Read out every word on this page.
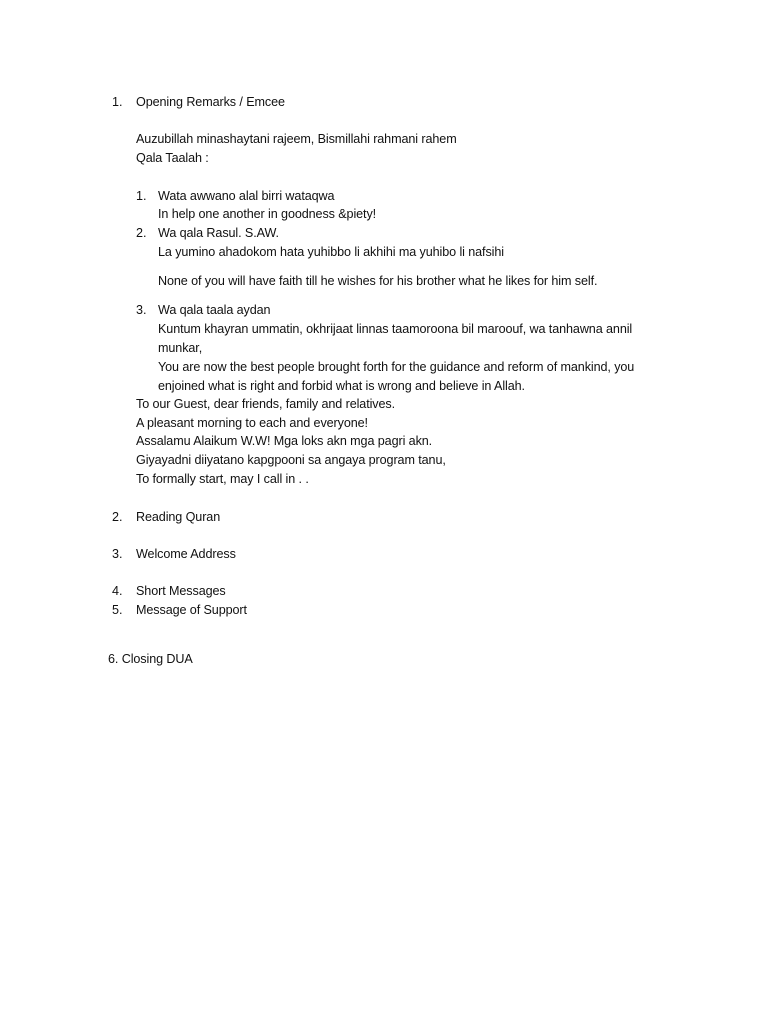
1. Opening Remarks / Emcee
Auzubillah minashaytani rajeem, Bismillahi rahmani rahem
Qala Taalah :
1. Wata awwano alal birri wataqwa
In help one another in goodness &piety!
2. Wa qala Rasul. S.AW.
La yumino ahadokom hata yuhibbo li akhihi ma yuhibo li nafsihi
None of you will have faith till he wishes for his brother what he likes for him self.
3. Wa qala taala aydan
Kuntum khayran ummatin, okhrijaat linnas taamoroona bil maroouf, wa tanhawna annil
munkar,
You are now the best people brought forth for the guidance and reform of mankind, you
enjoined what is right and forbid what is wrong and believe in Allah.
To our Guest, dear friends, family and relatives.
A pleasant morning to each and everyone!
Assalamu Alaikum W.W! Mga loks akn mga pagri akn.
Giyayadni diiyatano kapgpooni sa angaya program tanu,
To formally start, may I call in . .
2. Reading Quran
3. Welcome Address
4. Short Messages
5. Message of Support
6. Closing DUA
